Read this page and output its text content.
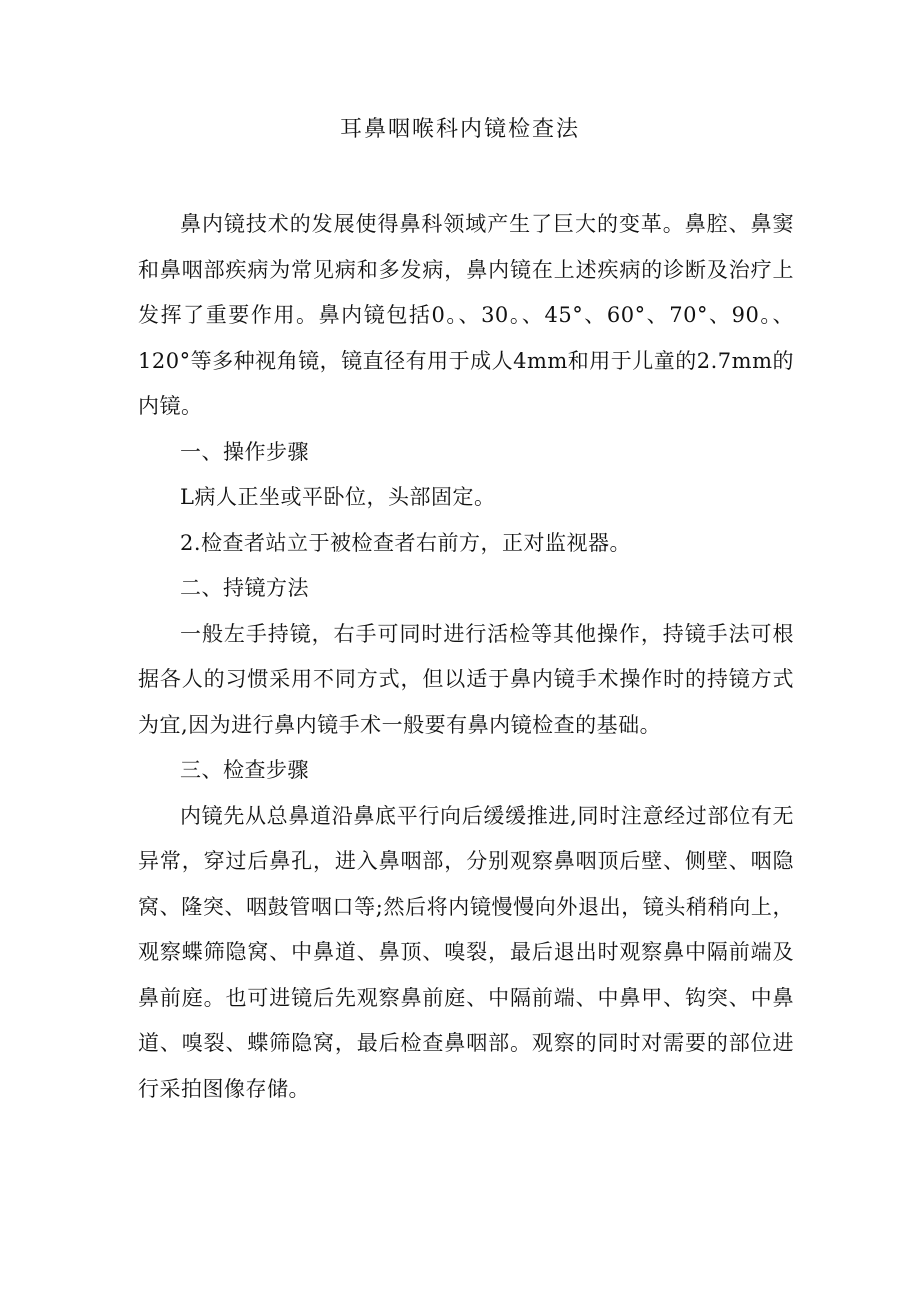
耳鼻咽喉科内镜检查法

鼻内镜技术的发展使得鼻科领域产生了巨大的变革。鼻腔、鼻窦和鼻咽部疾病为常见病和多发病，鼻内镜在上述疾病的诊断及治疗上发挥了重要作用。鼻内镜包括0。、30。、45°、60°、70°、90。、120°等多种视角镜，镜直径有用于成人4mm和用于儿童的2.7mm的内镜。

一、操作步骤

L病人正坐或平卧位，头部固定。

2.检查者站立于被检查者右前方，正对监视器。

二、持镜方法

一般左手持镜，右手可同时进行活检等其他操作，持镜手法可根据各人的习惯采用不同方式，但以适于鼻内镜手术操作时的持镜方式为宜,因为进行鼻内镜手术一般要有鼻内镜检查的基础。

三、检查步骤

内镜先从总鼻道沿鼻底平行向后缓缓推进,同时注意经过部位有无异常，穿过后鼻孔，进入鼻咽部，分别观察鼻咽顶后壁、侧壁、咽隐窝、隆突、咽鼓管咽口等;然后将内镜慢慢向外退出，镜头稍稍向上，观察蝶筛隐窝、中鼻道、鼻顶、嗅裂，最后退出时观察鼻中隔前端及鼻前庭。也可进镜后先观察鼻前庭、中隔前端、中鼻甲、钩突、中鼻道、嗅裂、蝶筛隐窝，最后检查鼻咽部。观察的同时对需要的部位进行采拍图像存储。
